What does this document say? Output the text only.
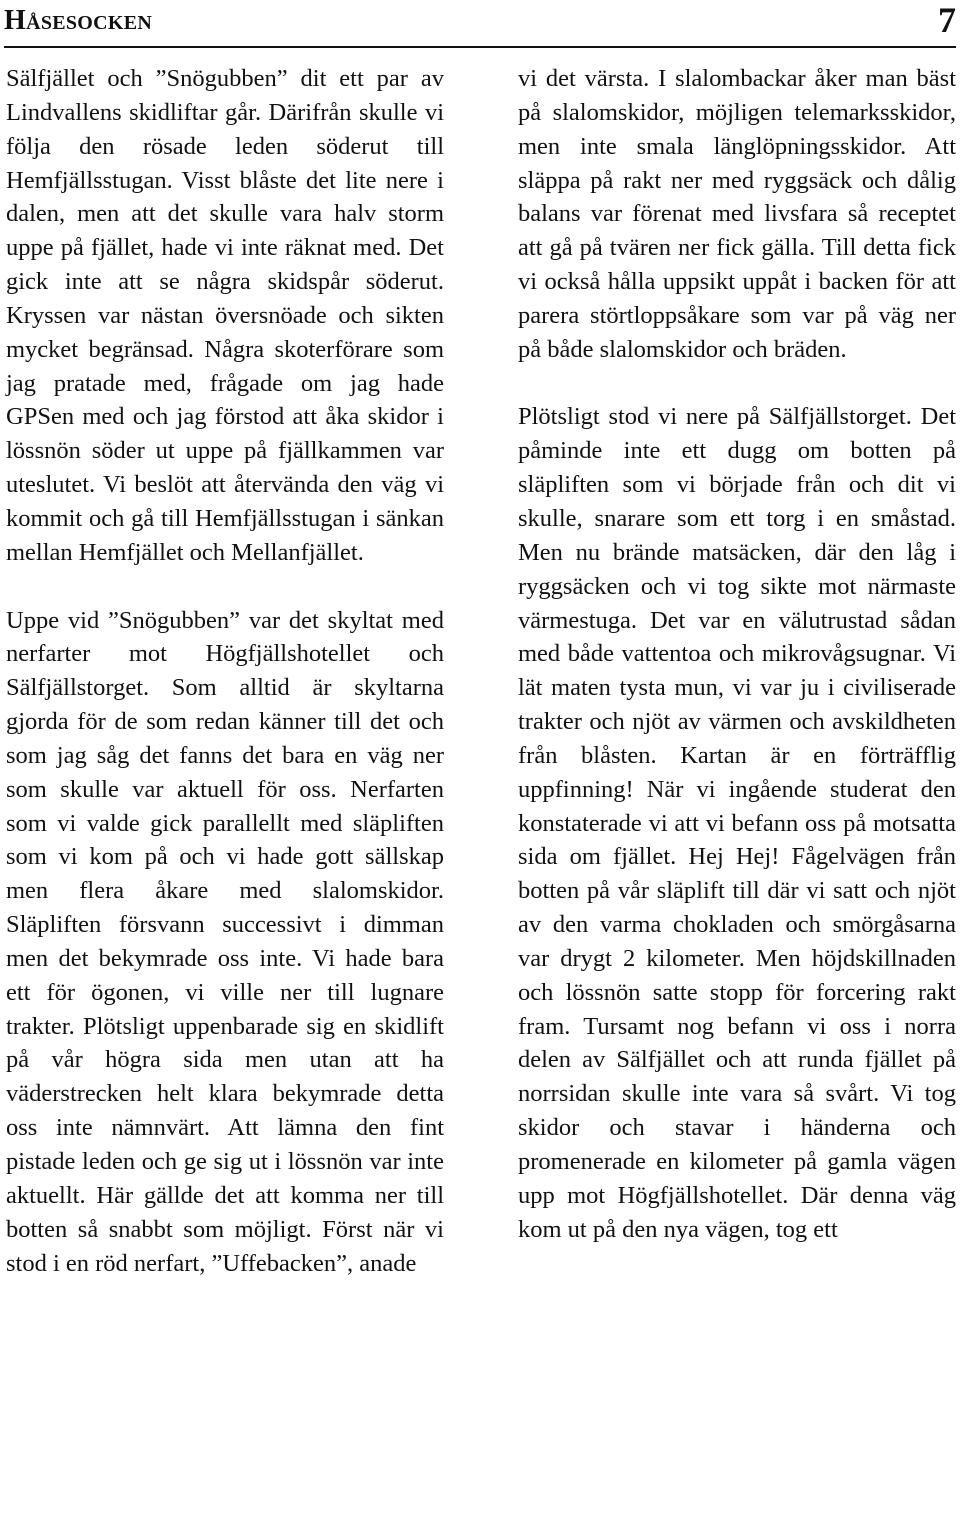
Håsesocken	7

Sälfjället och ”Snögubben” dit ett par av Lindvallens skidliftar går. Därifrån skulle vi följa den rösade leden söderut till Hemfjällsstugan. Visst blåste det lite nere i dalen, men att det skulle vara halv storm uppe på fjället, hade vi inte räknat med. Det gick inte att se några skidspår söderut. Kryssen var nästan översnöade och sikten mycket begränsad. Några skoterförare som jag pratade med, frågade om jag hade GPSen med och jag förstod att åka skidor i lössnön söder ut uppe på fjällkammen var uteslutet. Vi beslöt att återvända den väg vi kommit och gå till Hemfjällsstugan i sänkan mellan Hemfjället och Mellanfjället.

Uppe vid ”Snögubben” var det skyltat med nerfarter mot Högfjällshotellet och Sälfjällstorget. Som alltid är skyltarna gjorda för de som redan känner till det och som jag såg det fanns det bara en väg ner som skulle var aktuell för oss. Nerfarten som vi valde gick parallellt med släpliften som vi kom på och vi hade gott sällskap men flera åkare med slalomskidor. Släpliften försvann successivt i dimman men det bekymrade oss inte. Vi hade bara ett för ögonen, vi ville ner till lugnare trakter. Plötsligt uppenbarade sig en skidlift på vår högra sida men utan att ha väderstrecken helt klara bekymrade detta oss inte nämnvärt. Att lämna den fint pistade leden och ge sig ut i lössnön var inte aktuellt. Här gällde det att komma ner till botten så snabbt som möjligt. Först när vi stod i en röd nerfart, ”Uffebacken”, anade

vi det värsta. I slalombackar åker man bäst på slalomskidor, möjligen telemarksskidor, men inte smala länglöpningsskidor. Att släppa på rakt ner med ryggsäck och dålig balans var förenat med livsfara så receptet att gå på tvären ner fick gälla. Till detta fick vi också hålla uppsikt uppåt i backen för att parera störtloppsåkare som var på väg ner på både slalomskidor och bräden.

Plötsligt stod vi nere på Sälfjällstorget. Det påminde inte ett dugg om botten på släpliften som vi började från och dit vi skulle, snarare som ett torg i en småstad. Men nu brände matsäcken, där den låg i ryggsäcken och vi tog sikte mot närmaste värmestuga. Det var en välutrustad sådan med både vattentoa och mikrovågsugnar. Vi lät maten tysta mun, vi var ju i civiliserade trakter och njöt av värmen och avskildheten från blåsten. Kartan är en förträfflig uppfinning! När vi ingående studerat den konstaterade vi att vi befann oss på motsatta sida om fjället. Hej Hej! Fågelvägen från botten på vår släplift till där vi satt och njöt av den varma chokladen och smörgåsarna var drygt 2 kilometer. Men höjdskillnaden och lössnön satte stopp för forcering rakt fram. Tursamt nog befann vi oss i norra delen av Sälfjället och att runda fjället på norrsidan skulle inte vara så svårt. Vi tog skidor och stavar i händerna och promenerade en kilometer på gamla vägen upp mot Högfjällshotellet. Där denna väg kom ut på den nya vägen, tog ett
